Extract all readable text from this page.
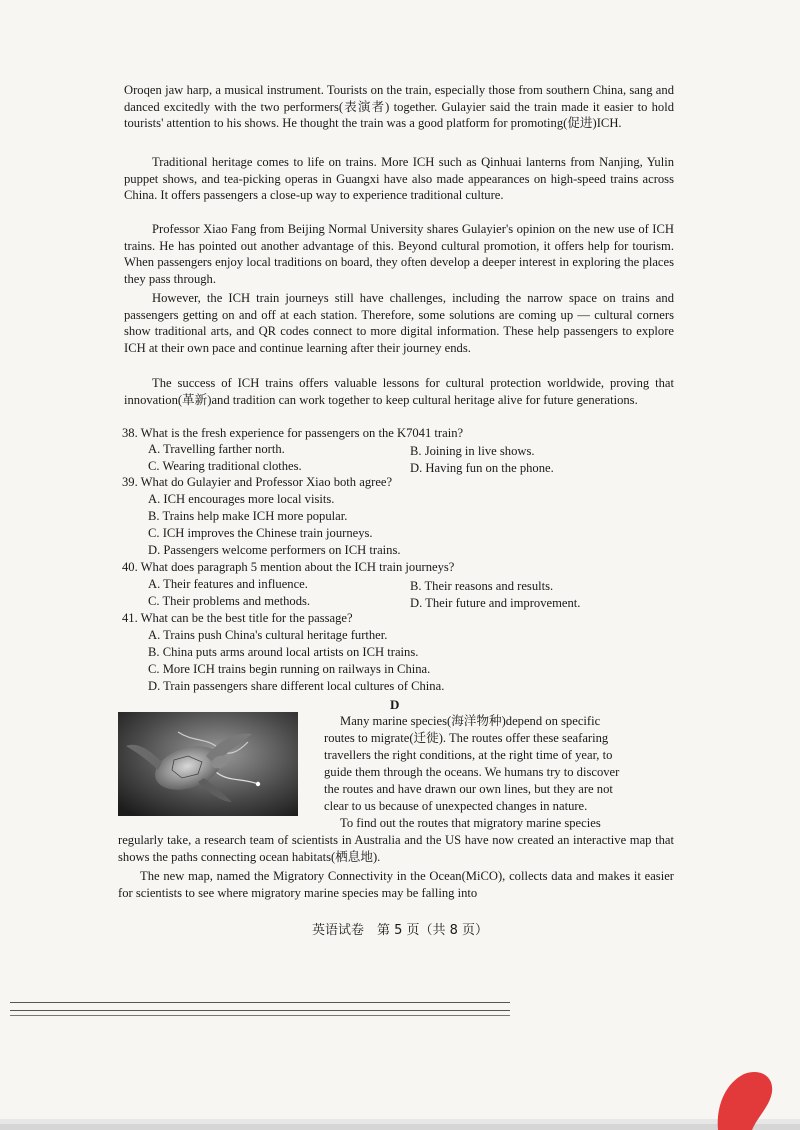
Oroqen jaw harp, a musical instrument. Tourists on the train, especially those from southern China, sang and danced excitedly with the two performers(表演者) together. Gulayier said the train made it easier to hold tourists' attention to his shows. He thought the train was a good platform for promoting(促进)ICH.

Traditional heritage comes to life on trains. More ICH such as Qinhuai lanterns from Nanjing, Yulin puppet shows, and tea-picking operas in Guangxi have also made appearances on high-speed trains across China. It offers passengers a close-up way to experience traditional culture.

Professor Xiao Fang from Beijing Normal University shares Gulayier's opinion on the new use of ICH trains. He has pointed out another advantage of this. Beyond cultural promotion, it offers help for tourism. When passengers enjoy local traditions on board, they often develop a deeper interest in exploring the places they pass through.

However, the ICH train journeys still have challenges, including the narrow space on trains and passengers getting on and off at each station. Therefore, some solutions are coming up — cultural corners show traditional arts, and QR codes connect to more digital information. These help passengers to explore ICH at their own pace and continue learning after their journey ends.

The success of ICH trains offers valuable lessons for cultural protection worldwide, proving that innovation(革新)and tradition can work together to keep cultural heritage alive for future generations.

38. What is the fresh experience for passengers on the K7041 train?

A. Travelling farther north.	B. Joining in live shows.

C. Wearing traditional clothes.	D. Having fun on the phone.

39. What do Gulayier and Professor Xiao both agree?

A. ICH encourages more local visits.

B. Trains help make ICH more popular.

C. ICH improves the Chinese train journeys.

D. Passengers welcome performers on ICH trains.

40. What does paragraph 5 mention about the ICH train journeys?

A. Their features and influence.	B. Their reasons and results.

C. Their problems and methods.	D. Their future and improvement.

41. What can be the best title for the passage?

A. Trains push China's cultural heritage further.

B. China puts arms around local artists on ICH trains.

C. More ICH trains begin running on railways in China.

D. Train passengers share different local cultures of China.

D

Many marine species(海洋物种)depend on specific

routes to migrate(迁徙). The routes offer these seafaring

travellers the right conditions, at the right time of year, to

guide them through the oceans. We humans try to discover

the routes and have drawn our own lines, but they are not

clear to us because of unexpected changes in nature.

To find out the routes that migratory marine species

regularly take, a research team of scientists in Australia and the US have now created an interactive map that shows the paths connecting ocean habitats(栖息地).

The new map, named the Migratory Connectivity in the Ocean(MiCO), collects data and makes it easier for scientists to see where migratory marine species may be falling into

英语试卷　第 5 页（共 8 页）
